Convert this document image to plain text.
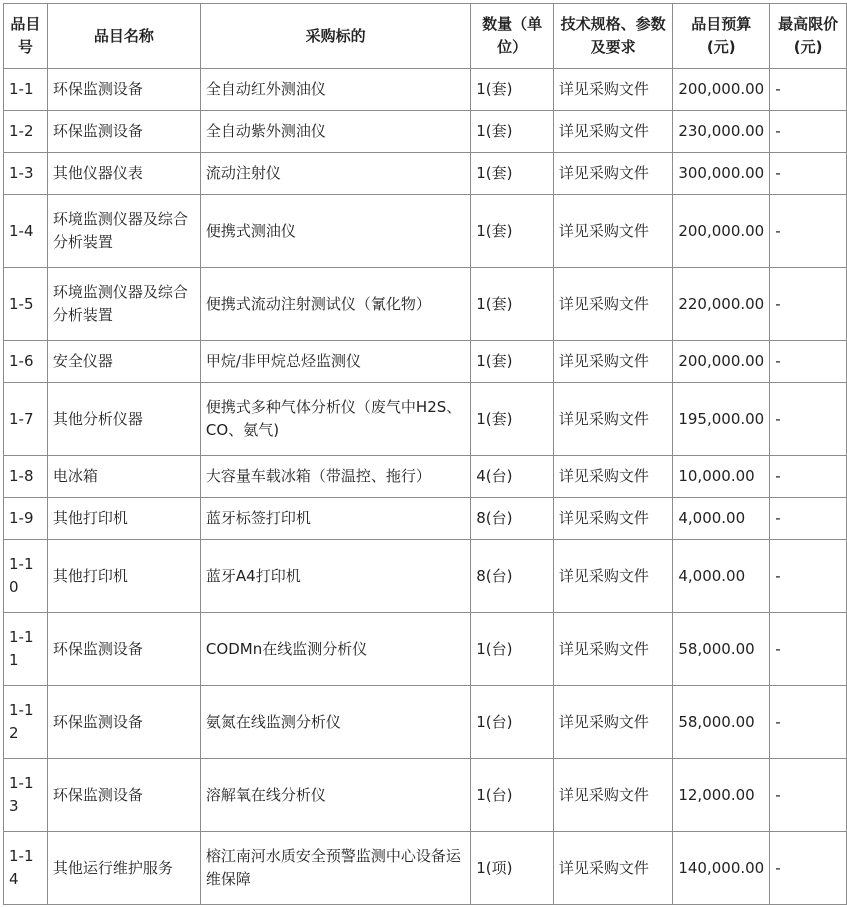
品目号	品目名称	采购标的	数量（单位）	技术规格、参数及要求	品目预算(元)	最高限价(元)
1-1	环保监测设备	全自动红外测油仪	1(套)	详见采购文件	200,000.00	-
1-2	环保监测设备	全自动紫外测油仪	1(套)	详见采购文件	230,000.00	-
1-3	其他仪器仪表	流动注射仪	1(套)	详见采购文件	300,000.00	-
1-4	环境监测仪器及综合分析装置	便携式测油仪	1(套)	详见采购文件	200,000.00	-
1-5	环境监测仪器及综合分析装置	便携式流动注射测试仪（氰化物）	1(套)	详见采购文件	220,000.00	-
1-6	安全仪器	甲烷/非甲烷总烃监测仪	1(套)	详见采购文件	200,000.00	-
1-7	其他分析仪器	便携式多种气体分析仪（废气中H2S、CO、氨气)	1(套)	详见采购文件	195,000.00	-
1-8	电冰箱	大容量车载冰箱（带温控、拖行）	4(台)	详见采购文件	10,000.00	-
1-9	其他打印机	蓝牙标签打印机	8(台)	详见采购文件	4,000.00	-
1-10	其他打印机	蓝牙A4打印机	8(台)	详见采购文件	4,000.00	-
1-11	环保监测设备	CODMn在线监测分析仪	1(台)	详见采购文件	58,000.00	-
1-12	环保监测设备	氨氮在线监测分析仪	1(台)	详见采购文件	58,000.00	-
1-13	环保监测设备	溶解氧在线分析仪	1(台)	详见采购文件	12,000.00	-
1-14	其他运行维护服务	榕江南河水质安全预警监测中心设备运维保障	1(项)	详见采购文件	140,000.00	-
